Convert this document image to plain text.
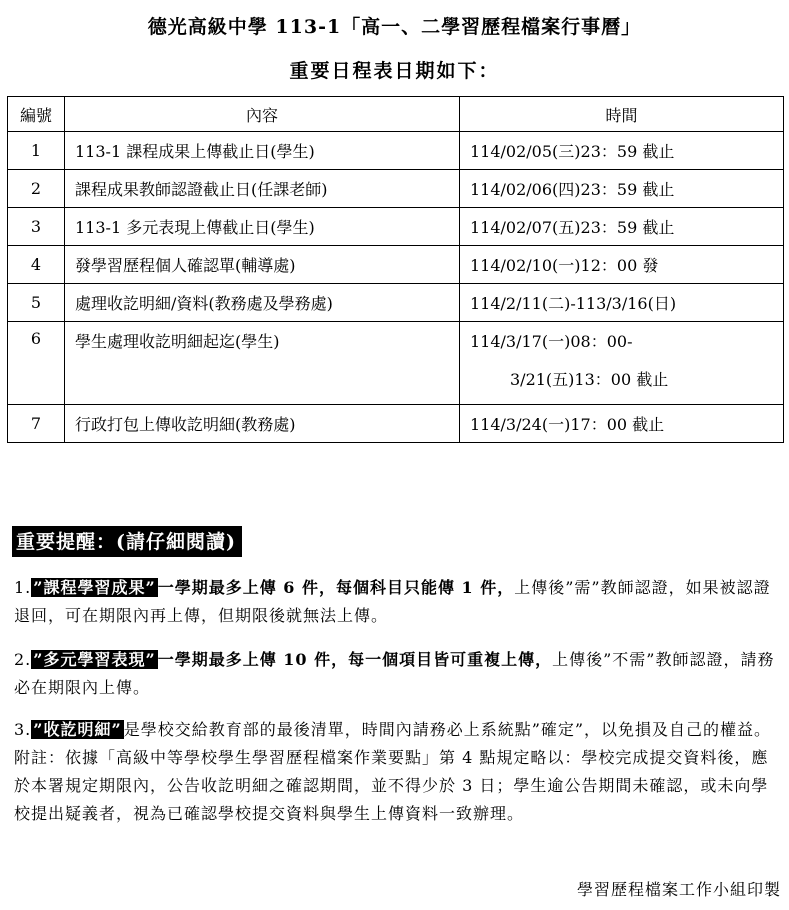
德光高級中學 113-1「高一、二學習歷程檔案行事曆」
重要日程表日期如下：
編號	內容	時間
1	113-1 課程成果上傳截止日(學生)	114/02/05(三)23：59 截止
2	課程成果教師認證截止日(任課老師)	114/02/06(四)23：59 截止
3	113-1 多元表現上傳截止日(學生)	114/02/07(五)23：59 截止
4	發學習歷程個人確認單(輔導處)	114/02/10(一)12：00 發
5	處理收訖明細/資料(教務處及學務處)	114/2/11(二)-113/3/16(日)
6	學生處理收訖明細起迄(學生)	114/3/17(一)08：00-
3/21(五)13：00 截止

7	行政打包上傳收訖明細(教務處)	114/3/24(一)17：00 截止
重要提醒：(請仔細閱讀)
1. ”課程學習成果” 一學期最多上傳 6 件，每個科目只能傳 1 件，上傳後”需”教師認證，如果被認證退回，可在期限內再上傳，但期限後就無法上傳。
2. ”多元學習表現” 一學期最多上傳 10 件，每一個項目皆可重複上傳，上傳後”不需”教師認證，請務必在期限內上傳。
3. ”收訖明細” 是學校交給教育部的最後清單，時間內請務必上系統點”確定”，以免損及自己的權益。附註：依據「高級中等學校學生學習歷程檔案作業要點」第 4 點規定略以：學校完成提交資料後，應於本署規定期限內，公告收訖明細之確認期間，並不得少於 3 日；學生逾公告期間未確認，或未向學校提出疑義者，視為已確認學校提交資料與學生上傳資料一致辦理。
學習歷程檔案工作小組印製
